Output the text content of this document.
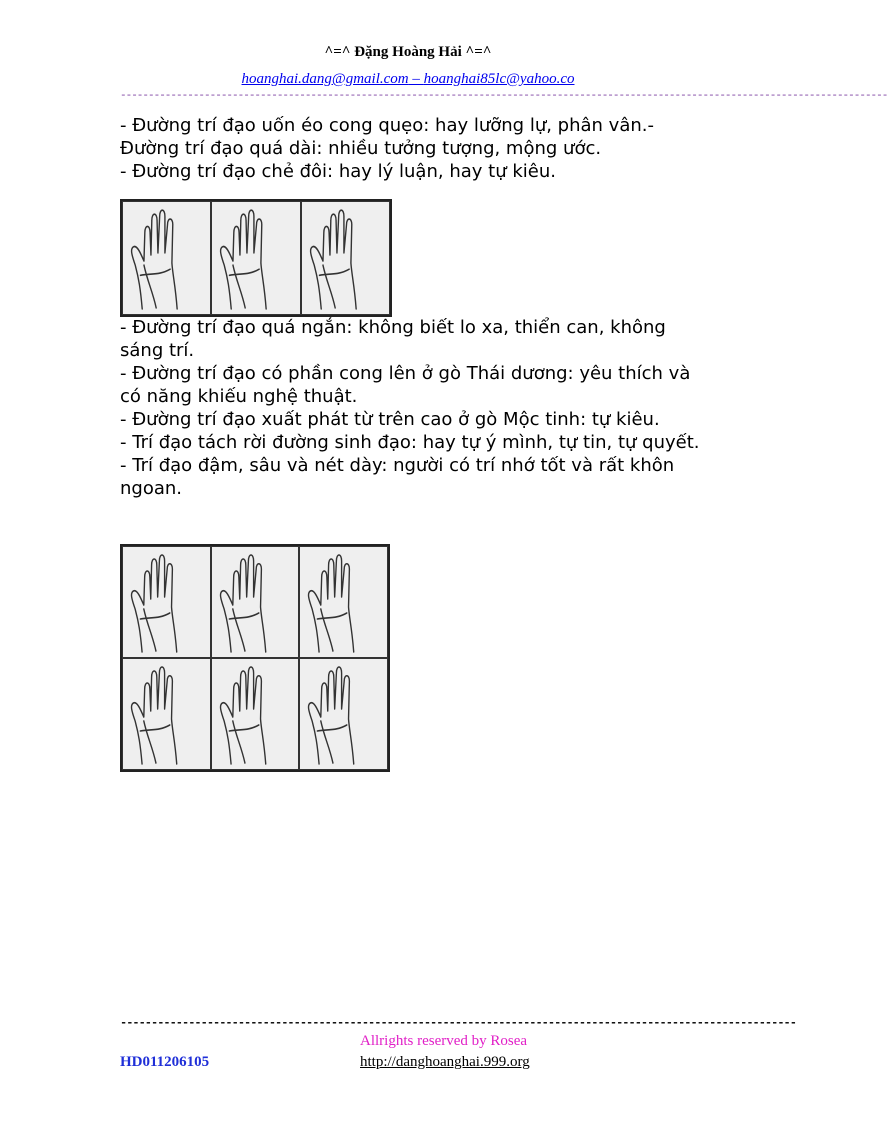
^=^ Đặng Hoàng Hải ^=^
hoanghai.dang@gmail.com – hoanghai85lc@yahoo.co
-----------------------------------------------------------------------------------------------------------------------------------------

- Đường trí đạo uốn éo cong quẹo: hay lưỡng lự, phân vân.- Đường trí đạo quá dài: nhiều tưởng tượng, mộng ước.

- Đường trí đạo chẻ đôi: hay lý luận, hay tự kiêu.

- Đường trí đạo quá ngắn: không biết lo xa, thiển can, không sáng trí.

- Đường trí đạo có phần cong lên ở gò Thái dương: yêu thích và có năng khiếu nghệ thuật.

- Đường trí đạo xuất phát từ trên cao ở gò Mộc tinh: tự kiêu.

- Trí đạo tách rời đường sinh đạo: hay tự ý mình, tự tin, tự quyết.

- Trí đạo đậm, sâu và nét dày: người có trí nhớ tốt và rất khôn ngoan.

-------------------------------------------------------------------------------------------------------------
Allrights reserved by Rosea
HD011206105	http://danghoanghai.999.org
